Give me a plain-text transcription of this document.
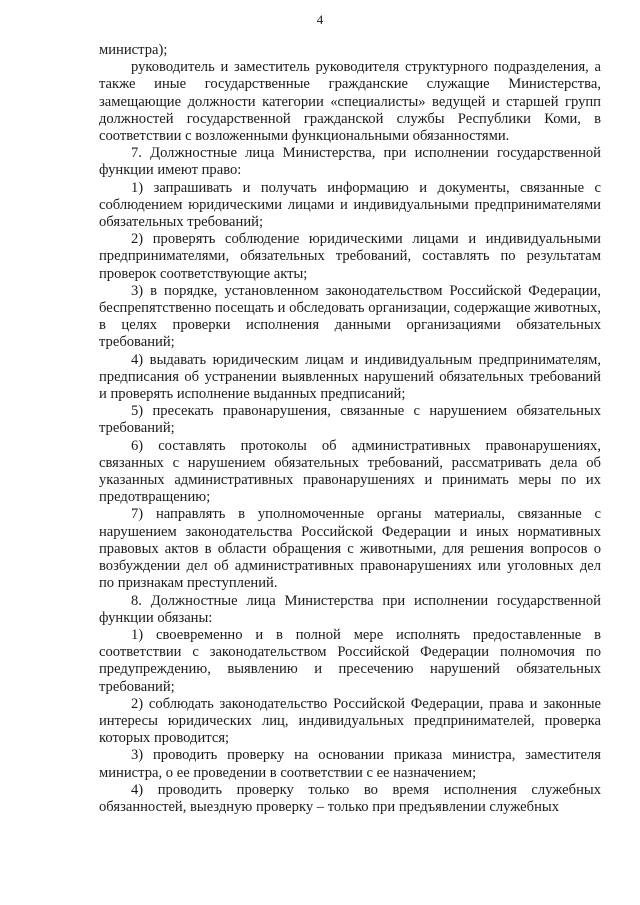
4

министра);

руководитель и заместитель руководителя структурного подразделения, а также иные государственные гражданские служащие Министерства, замещающие должности категории «специалисты» ведущей и старшей групп должностей государственной гражданской службы Республики Коми, в соответствии с возложенными функциональными обязанностями.

7. Должностные лица Министерства, при исполнении государственной функции имеют право:

1) запрашивать и получать информацию и документы, связанные с соблюдением юридическими лицами и индивидуальными предпринимателями обязательных требований;

2) проверять соблюдение юридическими лицами и индивидуальными предпринимателями, обязательных требований, составлять по результатам проверок соответствующие акты;

3) в порядке, установленном законодательством Российской Федерации, беспрепятственно посещать и обследовать организации, содержащие животных, в целях проверки исполнения данными организациями обязательных требований;

4) выдавать юридическим лицам и индивидуальным предпринимателям, предписания об устранении выявленных нарушений обязательных требований и проверять исполнение выданных предписаний;

5) пресекать правонарушения, связанные с нарушением обязательных требований;

6) составлять протоколы об административных правонарушениях, связанных с нарушением обязательных требований, рассматривать дела об указанных административных правонарушениях и принимать меры по их предотвращению;

7) направлять в уполномоченные органы материалы, связанные с нарушением законодательства Российской Федерации и иных нормативных правовых актов в области обращения с животными, для решения вопросов о возбуждении дел об административных правонарушениях или уголовных дел по признакам преступлений.

8. Должностные лица Министерства при исполнении государственной функции обязаны:

1) своевременно и в полной мере исполнять предоставленные в соответствии с законодательством Российской Федерации полномочия по предупреждению, выявлению и пресечению нарушений обязательных требований;

2) соблюдать законодательство Российской Федерации, права и законные интересы юридических лиц, индивидуальных предпринимателей, проверка которых проводится;

3) проводить проверку на основании приказа министра, заместителя министра, о ее проведении в соответствии с ее назначением;

4) проводить проверку только во время исполнения служебных обязанностей, выездную проверку – только при предъявлении служебных
